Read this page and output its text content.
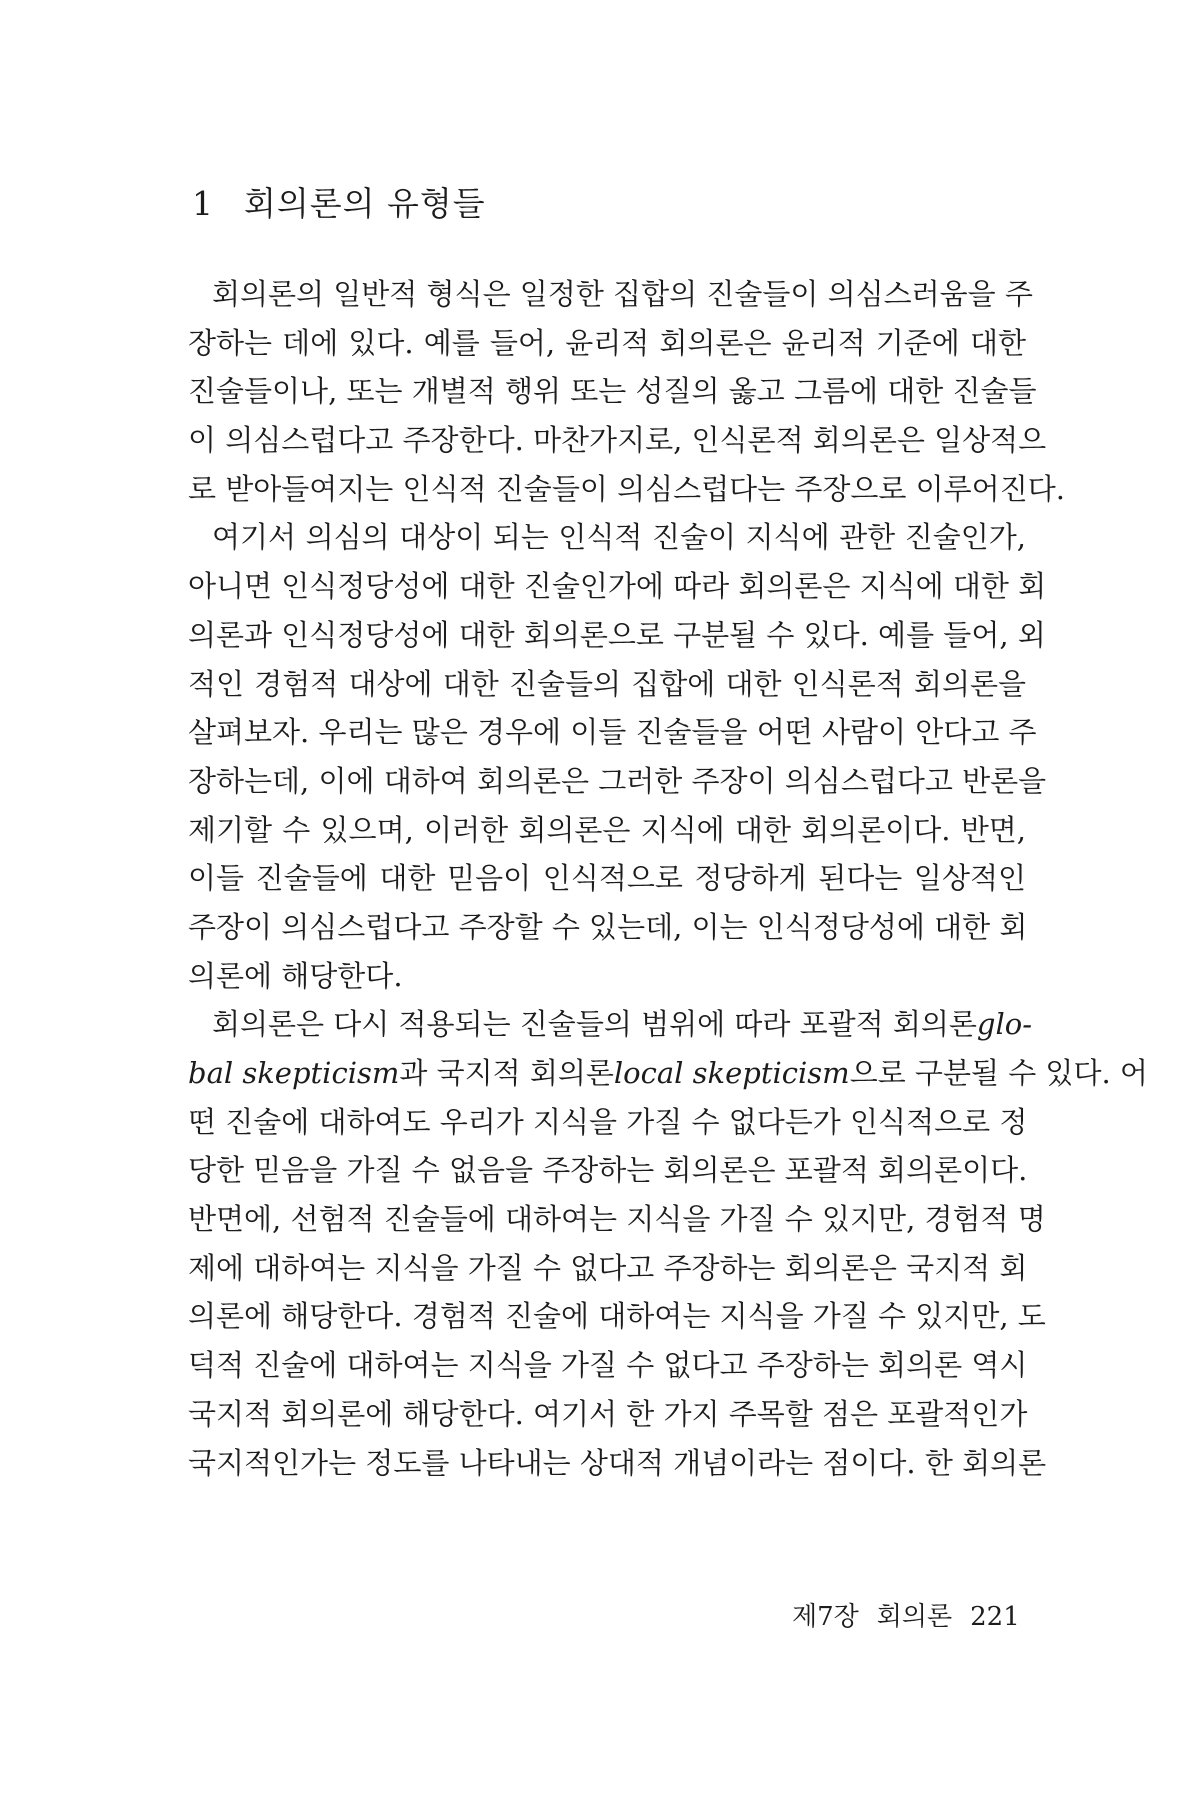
1 회의론의 유형들
회의론의 일반적 형식은 일정한 집합의 진술들이 의심스러움을 주
장하는 데에 있다. 예를 들어, 윤리적 회의론은 윤리적 기준에 대한
진술들이나, 또는 개별적 행위 또는 성질의 옳고 그름에 대한 진술들
이 의심스럽다고 주장한다. 마찬가지로, 인식론적 회의론은 일상적으
로 받아들여지는 인식적 진술들이 의심스럽다는 주장으로 이루어진다.
여기서 의심의 대상이 되는 인식적 진술이 지식에 관한 진술인가,
아니면 인식정당성에 대한 진술인가에 따라 회의론은 지식에 대한 회
의론과 인식정당성에 대한 회의론으로 구분될 수 있다. 예를 들어, 외
적인 경험적 대상에 대한 진술들의 집합에 대한 인식론적 회의론을
살펴보자. 우리는 많은 경우에 이들 진술들을 어떤 사람이 안다고 주
장하는데, 이에 대하여 회의론은 그러한 주장이 의심스럽다고 반론을
제기할 수 있으며, 이러한 회의론은 지식에 대한 회의론이다. 반면,
이들 진술들에 대한 믿음이 인식적으로 정당하게 된다는 일상적인
주장이 의심스럽다고 주장할 수 있는데, 이는 인식정당성에 대한 회
의론에 해당한다.
회의론은 다시 적용되는 진술들의 범위에 따라 포괄적 회의론glo-
bal skepticism과 국지적 회의론local skepticism으로 구분될 수 있다. 어
떤 진술에 대하여도 우리가 지식을 가질 수 없다든가 인식적으로 정
당한 믿음을 가질 수 없음을 주장하는 회의론은 포괄적 회의론이다.
반면에, 선험적 진술들에 대하여는 지식을 가질 수 있지만, 경험적 명
제에 대하여는 지식을 가질 수 없다고 주장하는 회의론은 국지적 회
의론에 해당한다. 경험적 진술에 대하여는 지식을 가질 수 있지만, 도
덕적 진술에 대하여는 지식을 가질 수 없다고 주장하는 회의론 역시
국지적 회의론에 해당한다. 여기서 한 가지 주목할 점은 포괄적인가
국지적인가는 정도를 나타내는 상대적 개념이라는 점이다. 한 회의론
제7장 회의론 221
